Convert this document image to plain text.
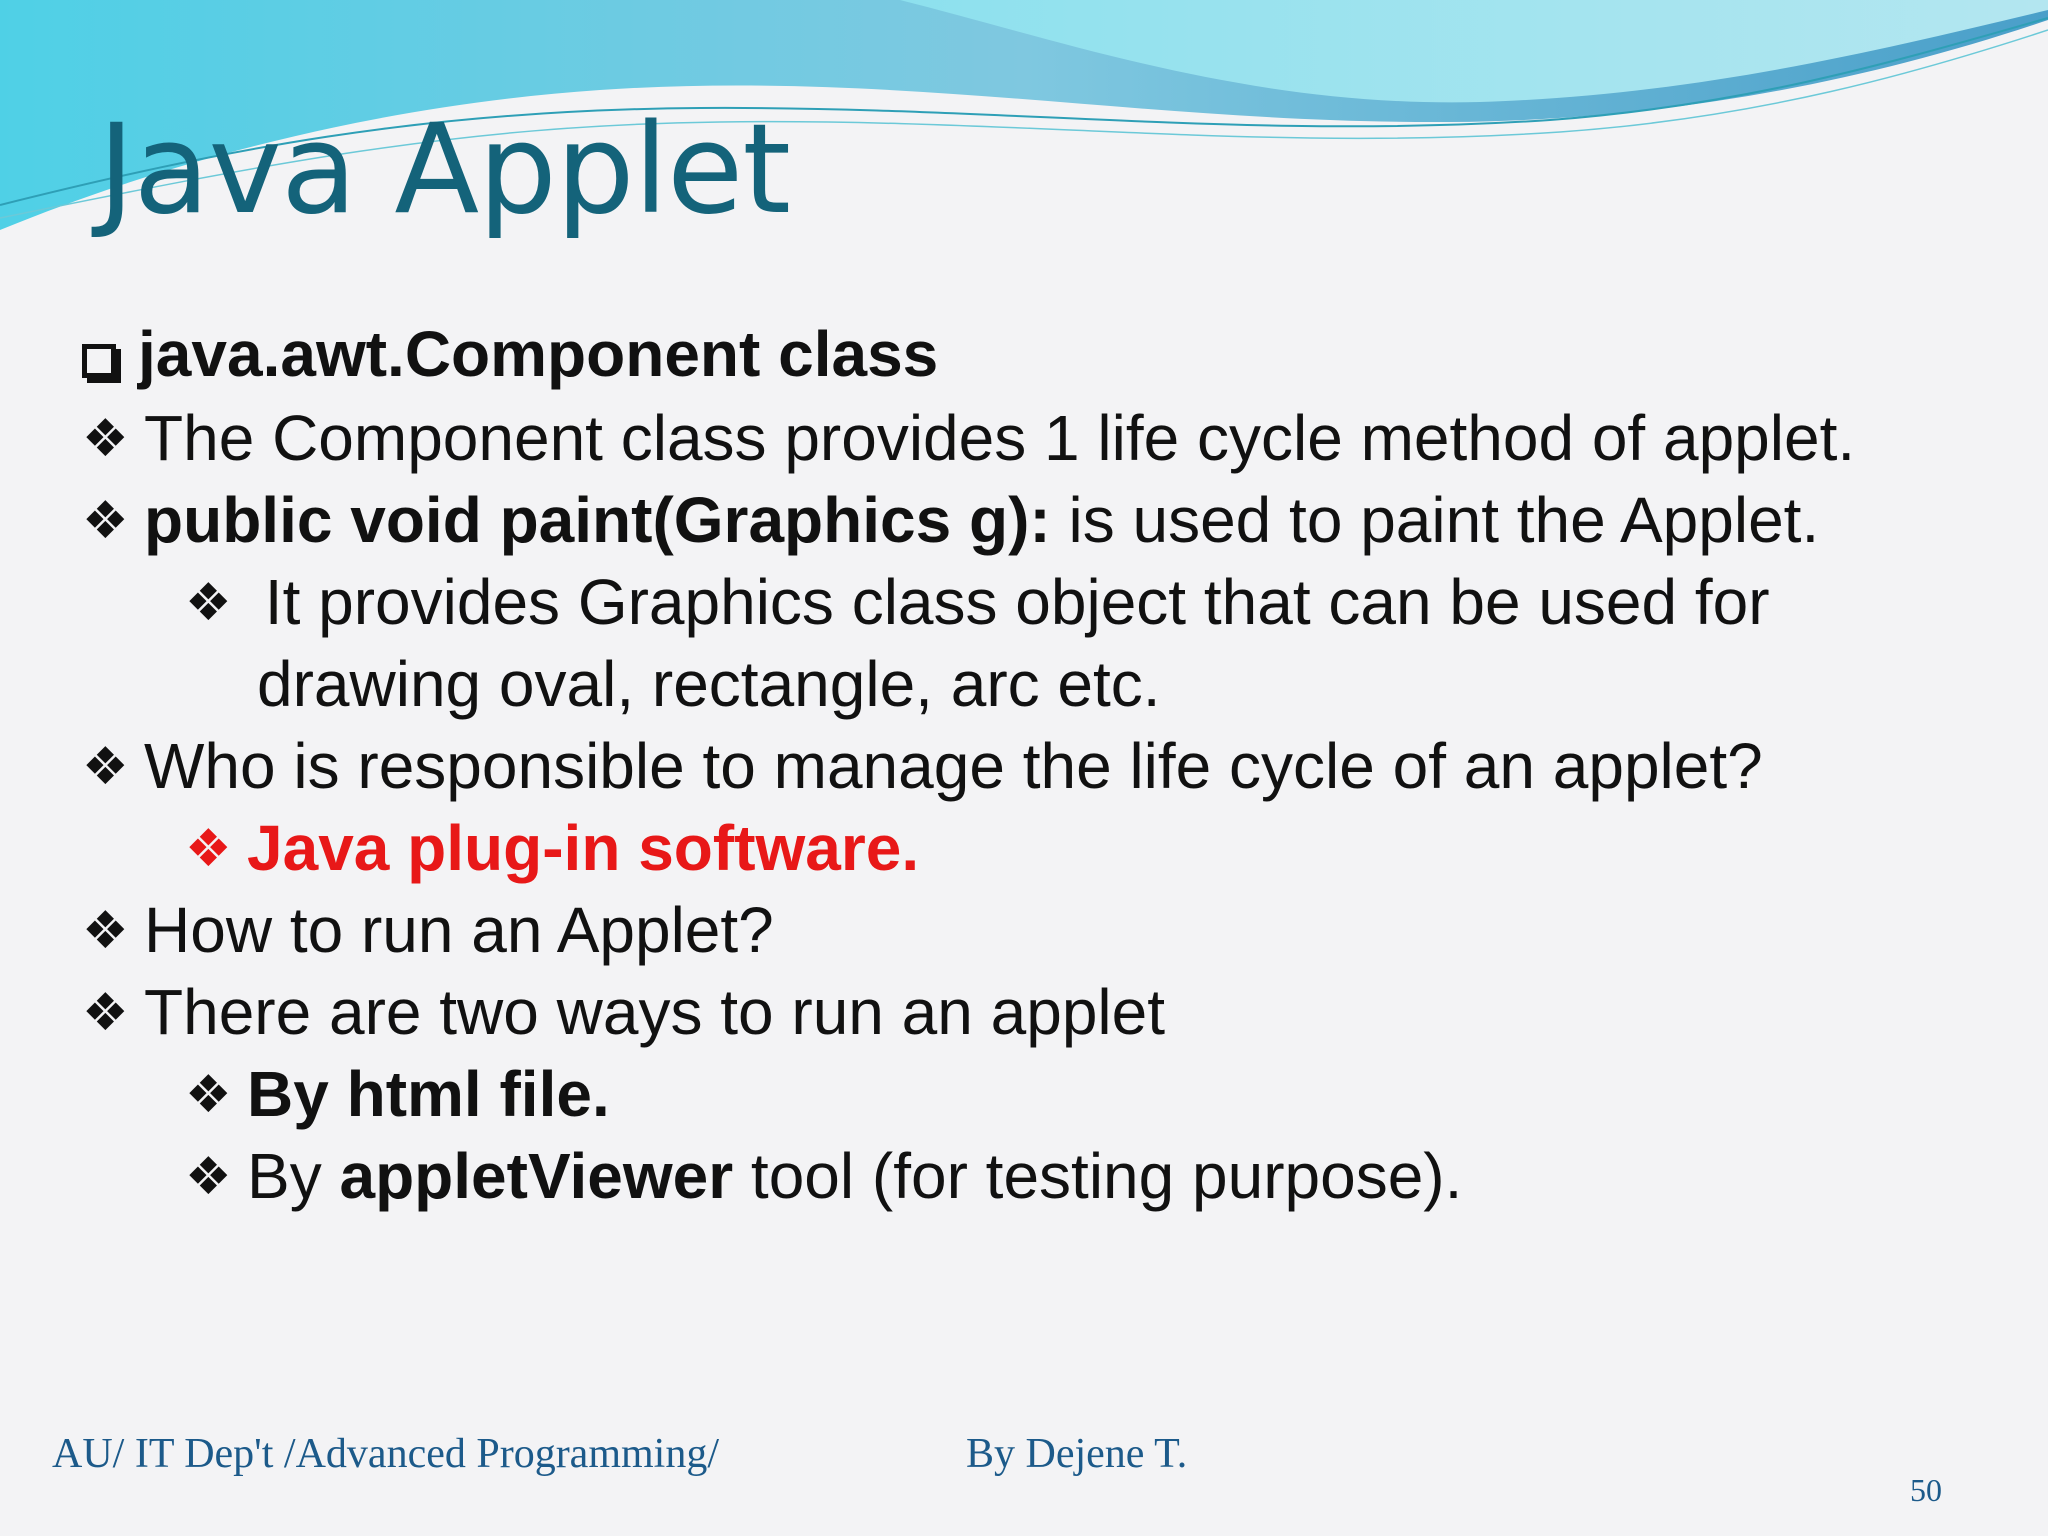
Java Applet
java.awt.Component class
❖ The Component class provides 1 life cycle method of applet.
❖ public void paint(Graphics g): is used to paint the Applet.
❖ It provides Graphics class object that can be used for
drawing oval, rectangle, arc etc.
❖ Who is responsible to manage the life cycle of an applet?
❖ Java plug-in software.
❖ How to run an Applet?
❖ There are two ways to run an applet
❖ By html file.
❖ By appletViewer tool (for testing purpose).
AU/ IT Dep't /Advanced Programming/	By Dejene T.
50
